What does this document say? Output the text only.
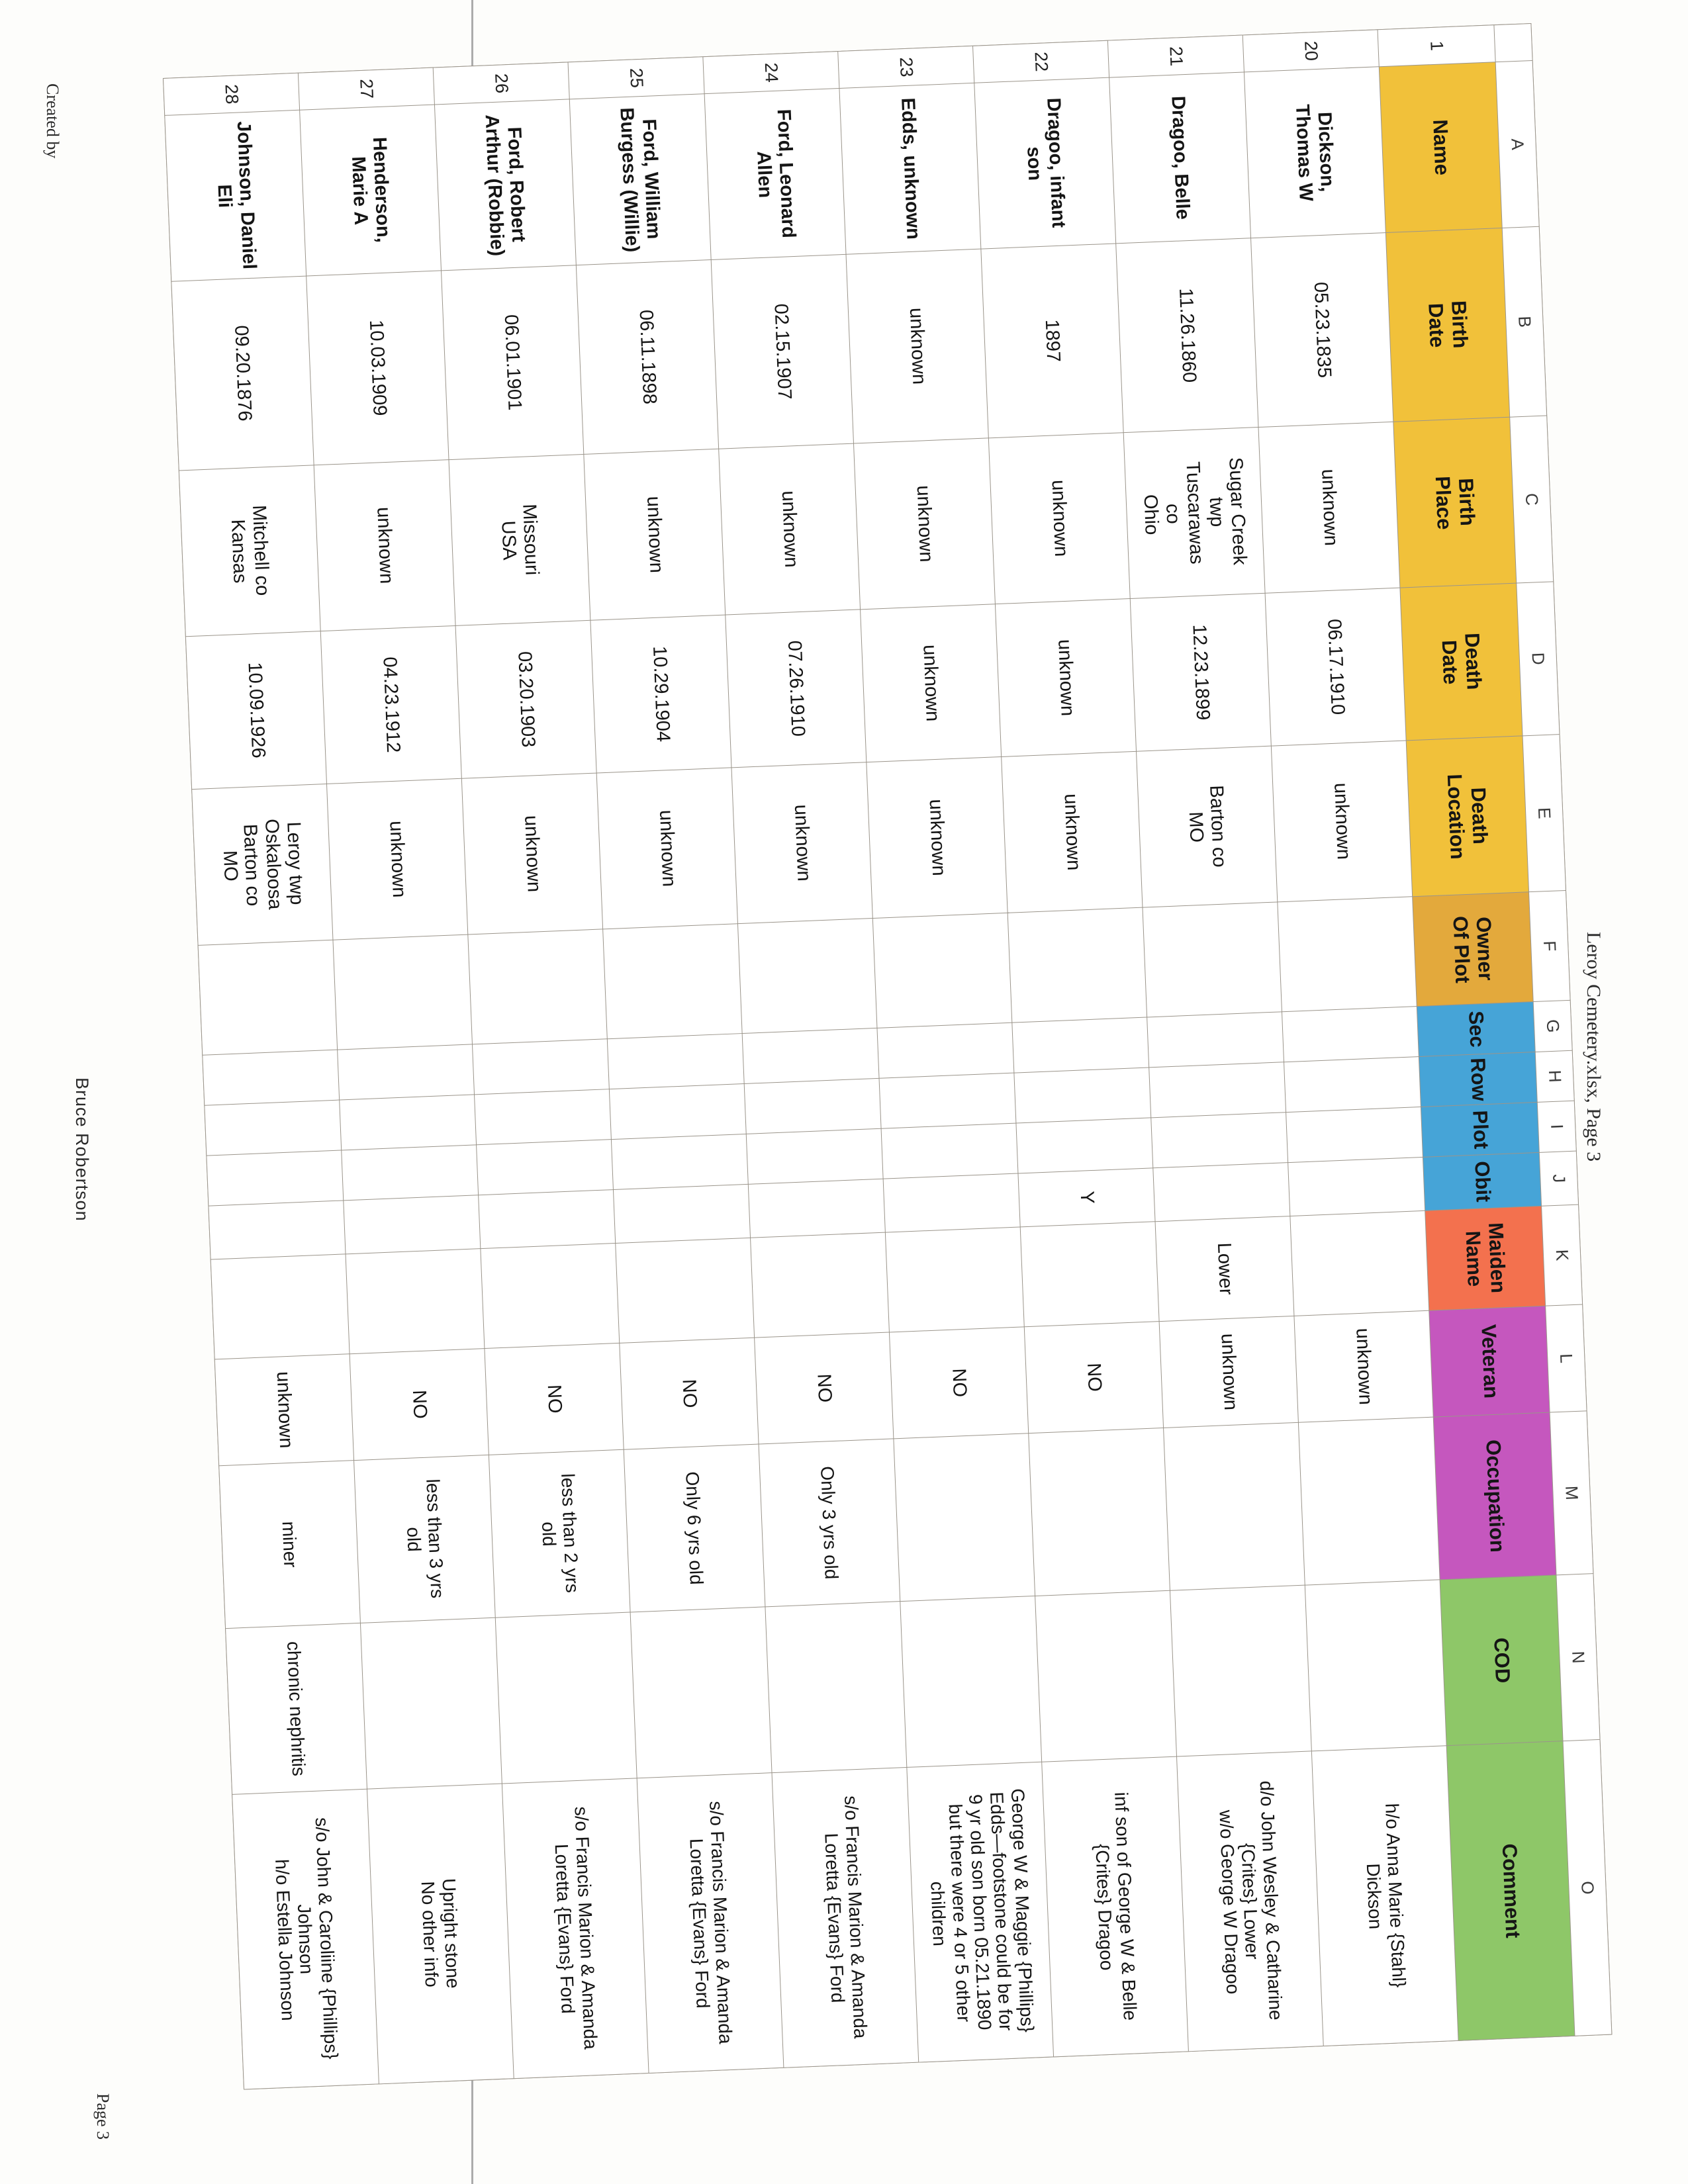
Created by
Bruce Robertson
Page 3
Leroy Cemetery.xlsx, Page 3
A
B
C
D
E
F
G
H
I
J
K
L
M
N
O
1
Name
Birth
Date
Birth
Place
Death
Date
Death
Location
Owner
Of Plot
Sec
Row
Plot
Obit
Maiden
Name
Veteran
Occupation
COD
Comment
20
Dickson,
Thomas W
05.23.1835
unknown
06.17.1910
unknown
unknown
h/o Anna Marie {Stahl}
Dickson
21
Dragoo, Belle
11.26.1860
Sugar Creek
twp
Tuscarawas
co
Ohio
12.23.1899
Barton co
MO
Lower
unknown
d/o John Wesley & Catharine
{Crites} Lower
w/o George W Dragoo
22
Dragoo, infant
son
1897
unknown
unknown
unknown
Y
NO
inf son of George W & Belle
{Crites} Dragoo
23
Edds, unknown
unknown
unknown
unknown
unknown
NO
George W & Maggie {Phillips}
Edds—footstone could be for
9 yr old son born 05.21.1890
but there were 4 or 5 other
children
24
Ford, Leonard
Allen
02.15.1907
unknown
07.26.1910
unknown
NO
Only 3 yrs old
s/o Francis Marion & Amanda
Loretta {Evans} Ford
25
Ford, William
Burgess (Willie)
06.11.1898
unknown
10.29.1904
unknown
NO
Only 6 yrs old
s/o Francis Marion & Amanda
Loretta {Evans} Ford
26
Ford, Robert
Arthur (Robbie)
06.01.1901
Missouri
USA
03.20.1903
unknown
NO
less than 2 yrs
old
s/o Francis Marion & Amanda
Loretta {Evans} Ford
27
Henderson,
Marie A
10.03.1909
unknown
04.23.1912
unknown
NO
less than 3 yrs
old
Upright stone
No other info
28
Johnson, Daniel
Eli
09.20.1876
Mitchell co
Kansas
10.09.1926
Leroy twp
Oskaloosa
Barton co
MO
unknown
miner
chronic nephritis
s/o John & Caroliine {Phillips}
Johnson
h/o Estella Johnson
